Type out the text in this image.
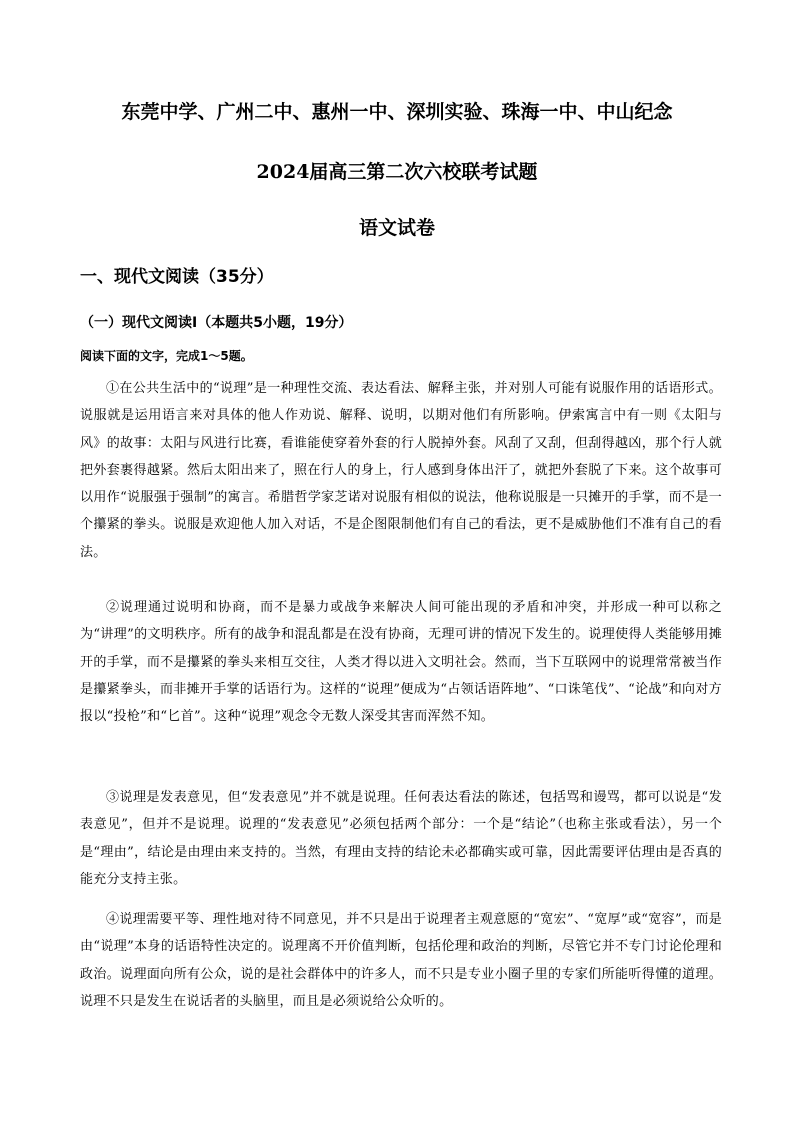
东莞中学、广州二中、惠州一中、深圳实验、珠海一中、中山纪念
2024届高三第二次六校联考试题
语文试卷
一、现代文阅读（35分）
（一）现代文阅读Ⅰ（本题共5小题，19分）
阅读下面的文字，完成1～5题。

①在公共生活中的“说理”是一种理性交流、表达看法、解释主张，并对别人可能有说服作用的话语形式。说服就是运用语言来对具体的他人作劝说、解释、说明，以期对他们有所影响。伊索寓言中有一则《太阳与风》的故事：太阳与风进行比赛，看谁能使穿着外套的行人脱掉外套。风刮了又刮，但刮得越凶，那个行人就把外套裹得越紧。然后太阳出来了，照在行人的身上，行人感到身体出汗了，就把外套脱了下来。这个故事可以用作“说服强于强制”的寓言。希腊哲学家芝诺对说服有相似的说法，他称说服是一只摊开的手掌，而不是一个攥紧的拳头。说服是欢迎他人加入对话，不是企图限制他们有自己的看法，更不是威胁他们不准有自己的看法。

②说理通过说明和协商，而不是暴力或战争来解决人间可能出现的矛盾和冲突，并形成一种可以称之为“讲理”的文明秩序。所有的战争和混乱都是在没有协商，无理可讲的情况下发生的。说理使得人类能够用摊开的手掌，而不是攥紧的拳头来相互交往，人类才得以进入文明社会。然而，当下互联网中的说理常常被当作是攥紧拳头，而非摊开手掌的话语行为。这样的“说理”便成为“占领话语阵地”、“口诛笔伐”、“论战”和向对方报以“投枪”和“匕首”。这种“说理”观念令无数人深受其害而浑然不知。

③说理是发表意见，但“发表意见”并不就是说理。任何表达看法的陈述，包括骂和谩骂，都可以说是“发表意见”，但并不是说理。说理的“发表意见”必须包括两个部分：一个是“结论”（也称主张或看法），另一个是“理由”，结论是由理由来支持的。当然，有理由支持的结论未必都确实或可靠，因此需要评估理由是否真的能充分支持主张。

④说理需要平等、理性地对待不同意见，并不只是出于说理者主观意愿的“宽宏”、“宽厚”或“宽容”，而是由“说理”本身的话语特性决定的。说理离不开价值判断，包括伦理和政治的判断，尽管它并不专门讨论伦理和政治。说理面向所有公众，说的是社会群体中的许多人，而不只是专业小圈子里的专家们所能听得懂的道理。说理不只是发生在说话者的头脑里，而且是必须说给公众听的。
